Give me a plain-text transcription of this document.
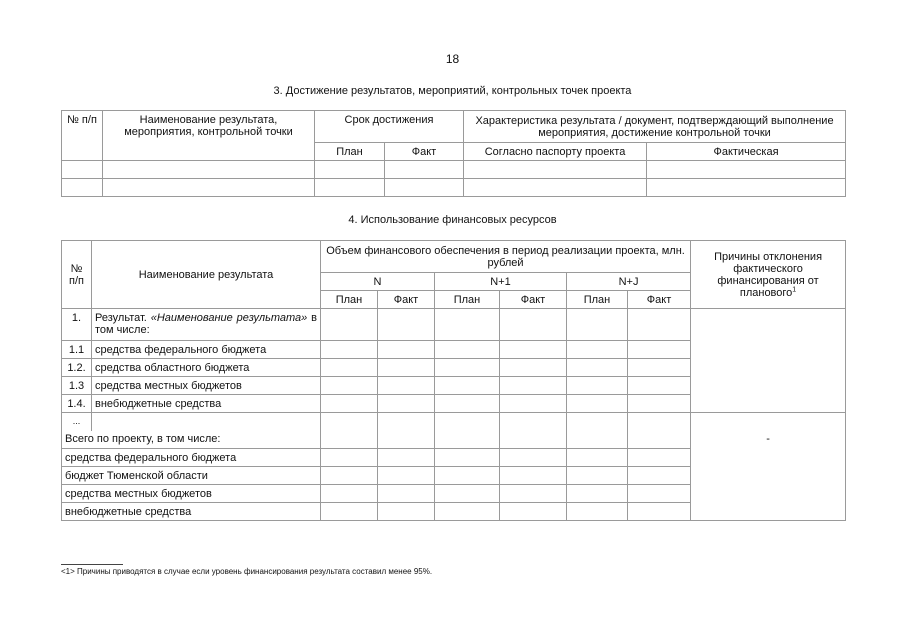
18
3. Достижение результатов, мероприятий, контрольных точек проекта
№ п/п	Наименование результата, мероприятия, контрольной точки	Срок достижения		Характеристика результата / документ, подтверждающий выполнение мероприятия, достижение контрольной точки	
		План	Факт	Согласно паспорту проекта	Фактическая

4. Использование финансовых ресурсов
№ п/п	Наименование результата	Объем финансового обеспечения в период реализации проекта, млн. рублей						Причины отклонения фактического финансирования от планового$^1$
		N		N+1		N+J		
		План	Факт	План	Факт	План	Факт	
1.	Результат. «Наименование результата» в том числе:							
1.1	средства федерального бюджета							
1.2.	средства областного бюджета							
1.3	средства местных бюджетов							
1.4.	внебюджетные средства							
...								-
Всего по проекту, в том числе:								
средства федерального бюджета								
бюджет Тюменской области								
средства местных бюджетов								
внебюджетные средства								
<1> Причины приводятся в случае если уровень финансирования результата составил менее 95%.
